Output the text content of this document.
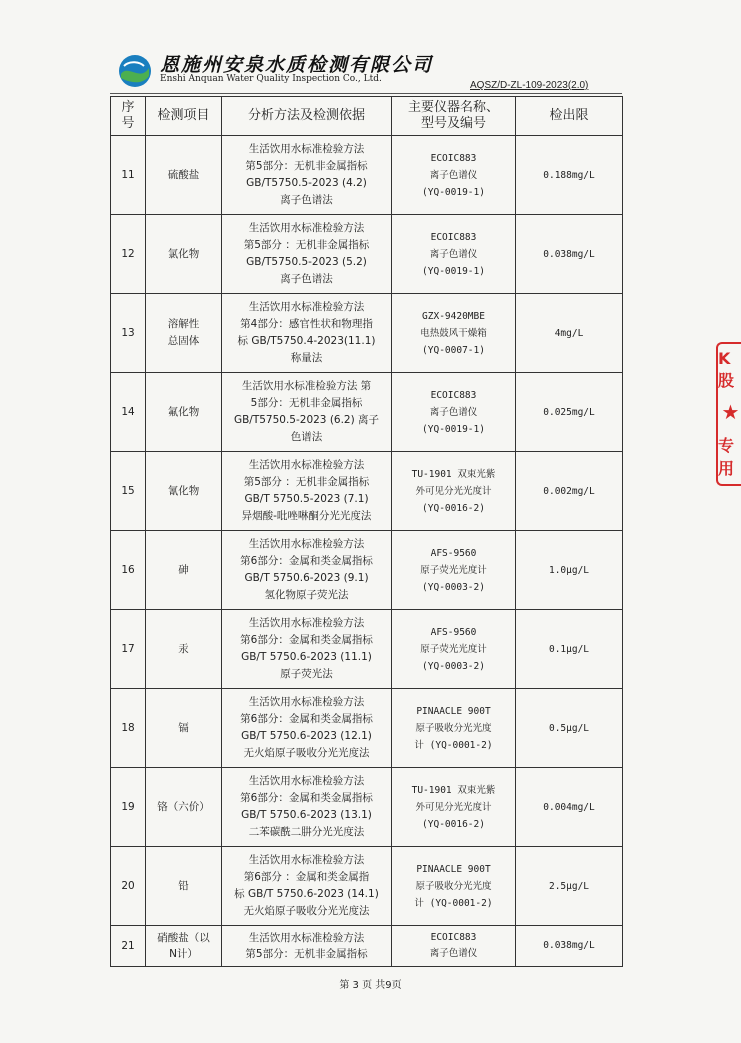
恩施州安泉水质检测有限公司
Enshi Anquan Water Quality Inspection Co., Ltd.
AQSZ/D-ZL-109-2023(2.0)
序
号	检测项目	分析方法及检测依据	主要仪器名称、
型号及编号	检出限
11	硫酸盐	生活饮用水标准检验方法
第5部分：无机非金属指标
GB/T5750.5-2023 (4.2)
离子色谱法	ECOIC883
离子色谱仪
(YQ-0019-1)	0.188mg/L
12	氯化物	生活饮用水标准检验方法
第5部分 ：无机非金属指标
GB/T5750.5-2023 (5.2)
离子色谱法	ECOIC883
离子色谱仪
(YQ-0019-1)	0.038mg/L
13	溶解性
总固体	生活饮用水标准检验方法
第4部分：感官性状和物理指
标 GB/T5750.4-2023(11.1)
称量法	GZX-9420MBE
电热鼓风干燥箱
(YQ-0007-1)	4mg/L
14	氟化物	生活饮用水标准检验方法 第
5部分：无机非金属指标
GB/T5750.5-2023 (6.2) 离子
色谱法	ECOIC883
离子色谱仪
(YQ-0019-1)	0.025mg/L
15	氰化物	生活饮用水标准检验方法
第5部分 ：无机非金属指标
GB/T 5750.5-2023 (7.1)
异烟酸-吡唑啉酮分光光度法	TU-1901 双束光紫
外可见分光光度计
(YQ-0016-2)	0.002mg/L
16	砷	生活饮用水标准检验方法
第6部分：金属和类金属指标
GB/T 5750.6-2023 (9.1)
氢化物原子荧光法	AFS-9560
原子荧光光度计
(YQ-0003-2)	1.0μg/L
17	汞	生活饮用水标准检验方法
第6部分：金属和类金属指标
GB/T 5750.6-2023 (11.1)
原子荧光法	AFS-9560
原子荧光光度计
(YQ-0003-2)	0.1μg/L
18	镉	生活饮用水标准检验方法
第6部分：金属和类金属指标
GB/T 5750.6-2023 (12.1)
无火焰原子吸收分光光度法	PINAACLE 900T
原子吸收分光光度
计 (YQ-0001-2)	0.5μg/L
19	铬（六价）	生活饮用水标准检验方法
第6部分：金属和类金属指标
GB/T 5750.6-2023 (13.1)
二苯碳酰二肼分光光度法	TU-1901 双束光紫
外可见分光光度计
(YQ-0016-2)	0.004mg/L
20	铅	生活饮用水标准检验方法
第6部分 ：金属和类金属指
标 GB/T 5750.6-2023 (14.1)
无火焰原子吸收分光光度法	PINAACLE 900T
原子吸收分光光度
计 (YQ-0001-2)	2.5μg/L
21	硝酸盐（以
N计）	生活饮用水标准检验方法
第5部分：无机非金属指标	ECOIC883
离子色谱仪	0.038mg/L
第 3 页 共9页
K股
★
专用
